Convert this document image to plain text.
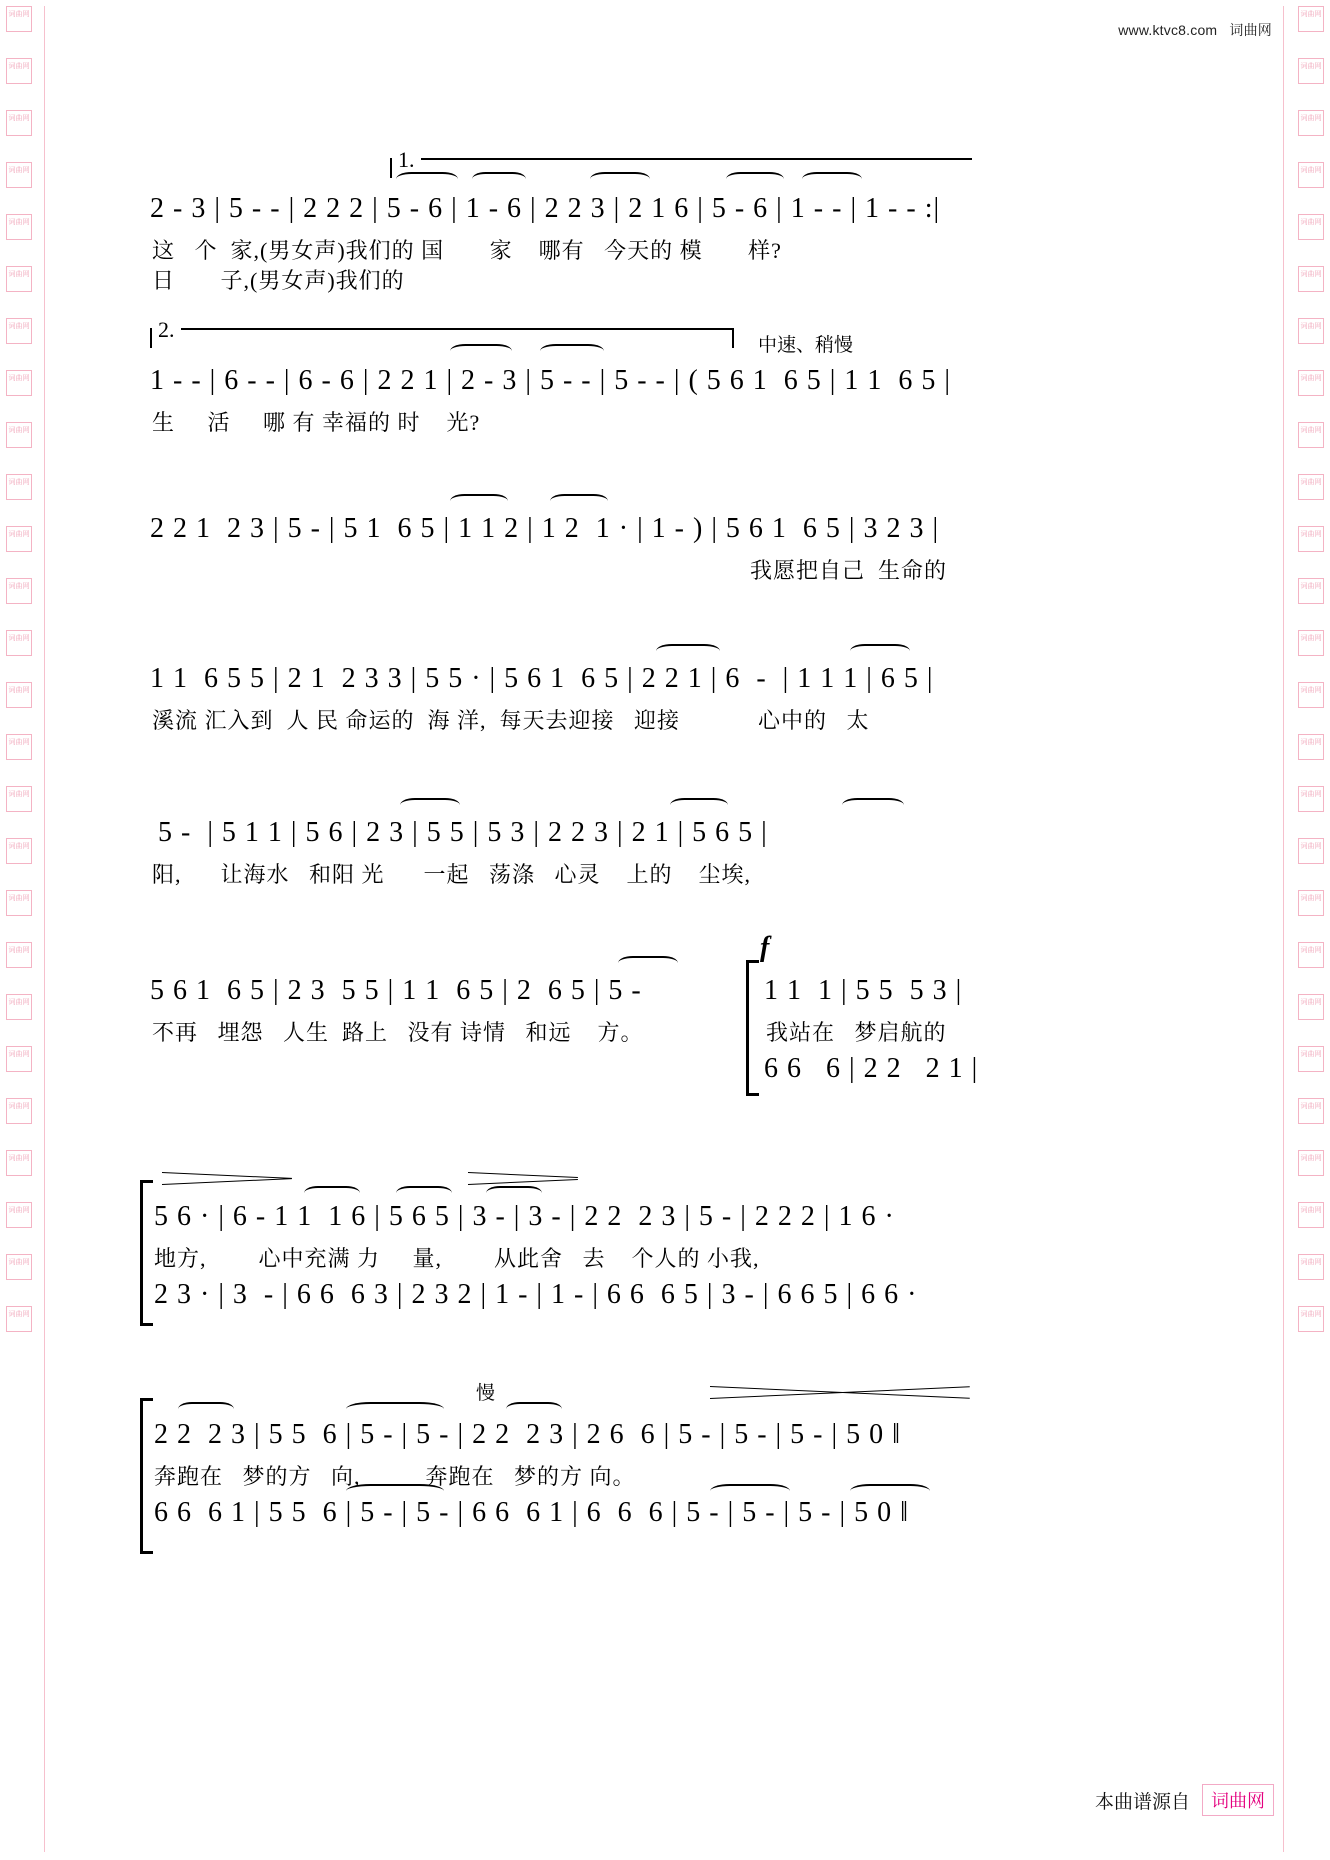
词曲网
词曲网
词曲网
词曲网
词曲网
词曲网
词曲网
词曲网
词曲网
词曲网
词曲网
词曲网
词曲网
词曲网
词曲网
词曲网
词曲网
词曲网
词曲网
词曲网
词曲网
词曲网
词曲网
词曲网
词曲网
词曲网
词曲网
词曲网
词曲网
词曲网
词曲网
词曲网
词曲网
词曲网
词曲网
词曲网
词曲网
词曲网
词曲网
词曲网
词曲网
词曲网
词曲网
词曲网
词曲网
词曲网
词曲网
词曲网
词曲网
词曲网
词曲网
词曲网
www.ktvc8.com 词曲网
1.
2 - 3 | 5 - - | 2 2 2 | 5 - 6 | 1 - 6 | 2 2 3 | 2 1 6 | 5 - 6 | 1 - - | 1 - - :|
这   个  家,(男女声)我们的 国       家    哪有   今天的 模       样?
日       子,(男女声)我们的
2.
中速、稍慢
1 - - | 6 - - | 6 - 6 | 2 2 1 | 2 - 3 | 5 - - | 5 - - | ( 5 6 1  6 5 | 1 1  6 5 |
生     活     哪 有 幸福的 时    光?
2 2 1  2 3 | 5 - | 5 1  6 5 | 1 1 2 | 1 2  1 · | 1 - ) | 5 6 1  6 5 | 3 2 3 |
我愿把自己  生命的
1 1  6 5 5 | 2 1  2 3 3 | 5 5 · | 5 6 1  6 5 | 2 2 1 | 6  -  | 1 1 1 | 6 5 |
溪流 汇入到  人 民 命运的  海 洋,  每天去迎接   迎接            心中的   太
5 -  | 5 1 1 | 5 6 | 2 3 | 5 5 | 5 3 | 2 2 3 | 2 1 | 5 6 5 |
阳,      让海水   和阳 光      一起   荡涤   心灵    上的    尘埃,
5 6 1  6 5 | 2 3  5 5 | 1 1  6 5 | 2  6 5 | 5 -
不再   埋怨   人生  路上   没有 诗情   和远    方。
f
1 1  1 | 5 5  5 3 |
我站在   梦启航的
6 6   6 | 2 2   2 1 |
5 6 · | 6 - 1 1  1 6 | 5 6 5 | 3 - | 3 - | 2 2  2 3 | 5 - | 2 2 2 | 1 6 ·
地方,        心中充满 力     量,        从此舍   去    个人的 小我,
2 3 · | 3  - | 6 6  6 3 | 2 3 2 | 1 - | 1 - | 6 6  6 5 | 3 - | 6 6 5 | 6 6 ·
慢
2 2  2 3 | 5 5  6 | 5 - | 5 - | 2 2  2 3 | 2 6  6 | 5 - | 5 - | 5 - | 5 0 ‖
奔跑在   梦的方   向,          奔跑在   梦的方 向。
6 6  6 1 | 5 5  6 | 5 - | 5 - | 6 6  6 1 | 6  6  6 | 5 - | 5 - | 5 - | 5 0 ‖
本曲谱源自	词曲网
